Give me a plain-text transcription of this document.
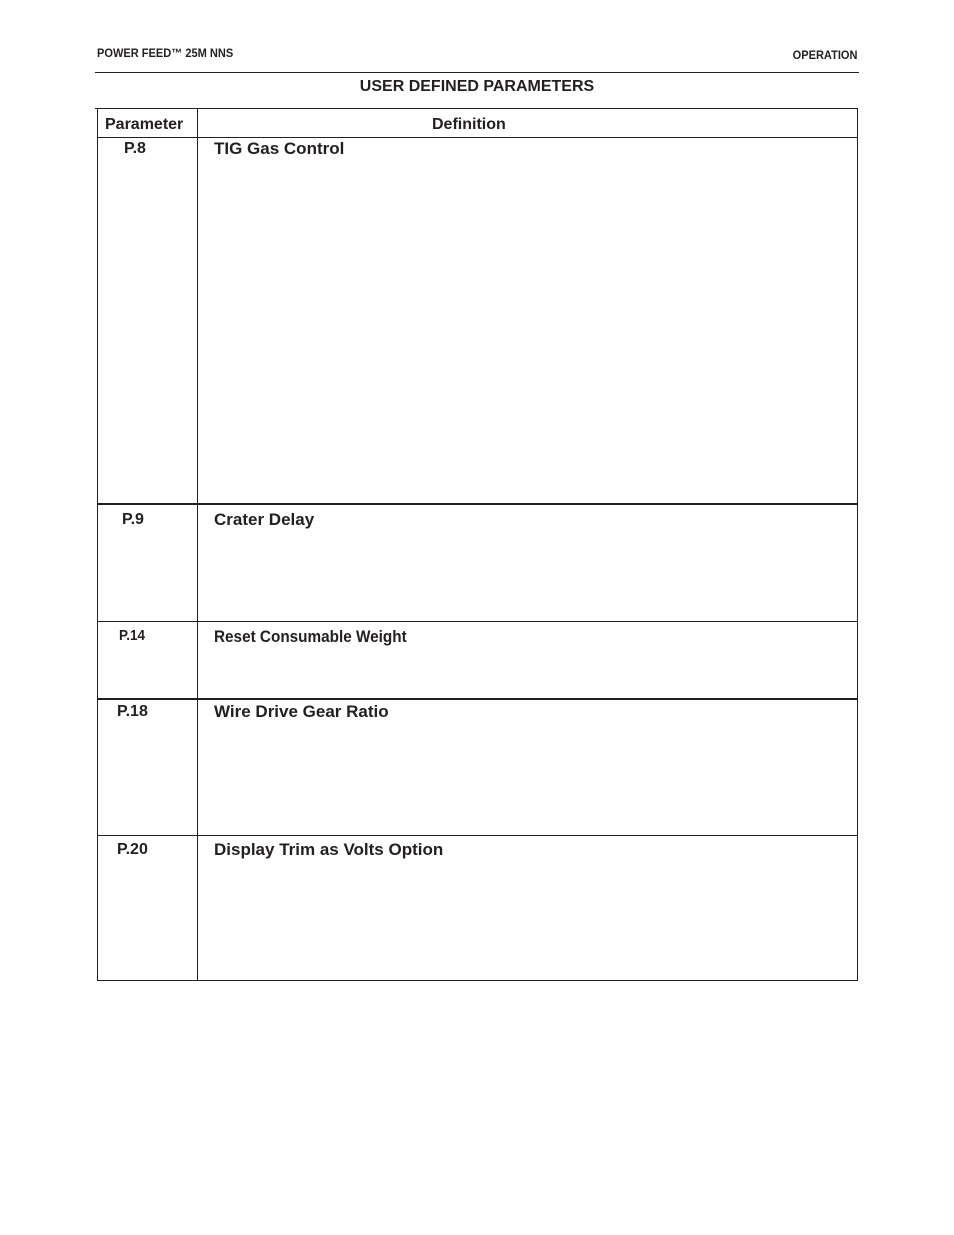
POWER FEED™ 25M NNS	OPERATION
USER DEFINED PARAMETERS
Parameter	Definition
P.8	TIG Gas Control
P.9	Crater Delay
P.14	Reset Consumable Weight
P.18	Wire Drive Gear Ratio
P.20	Display Trim as Volts Option
